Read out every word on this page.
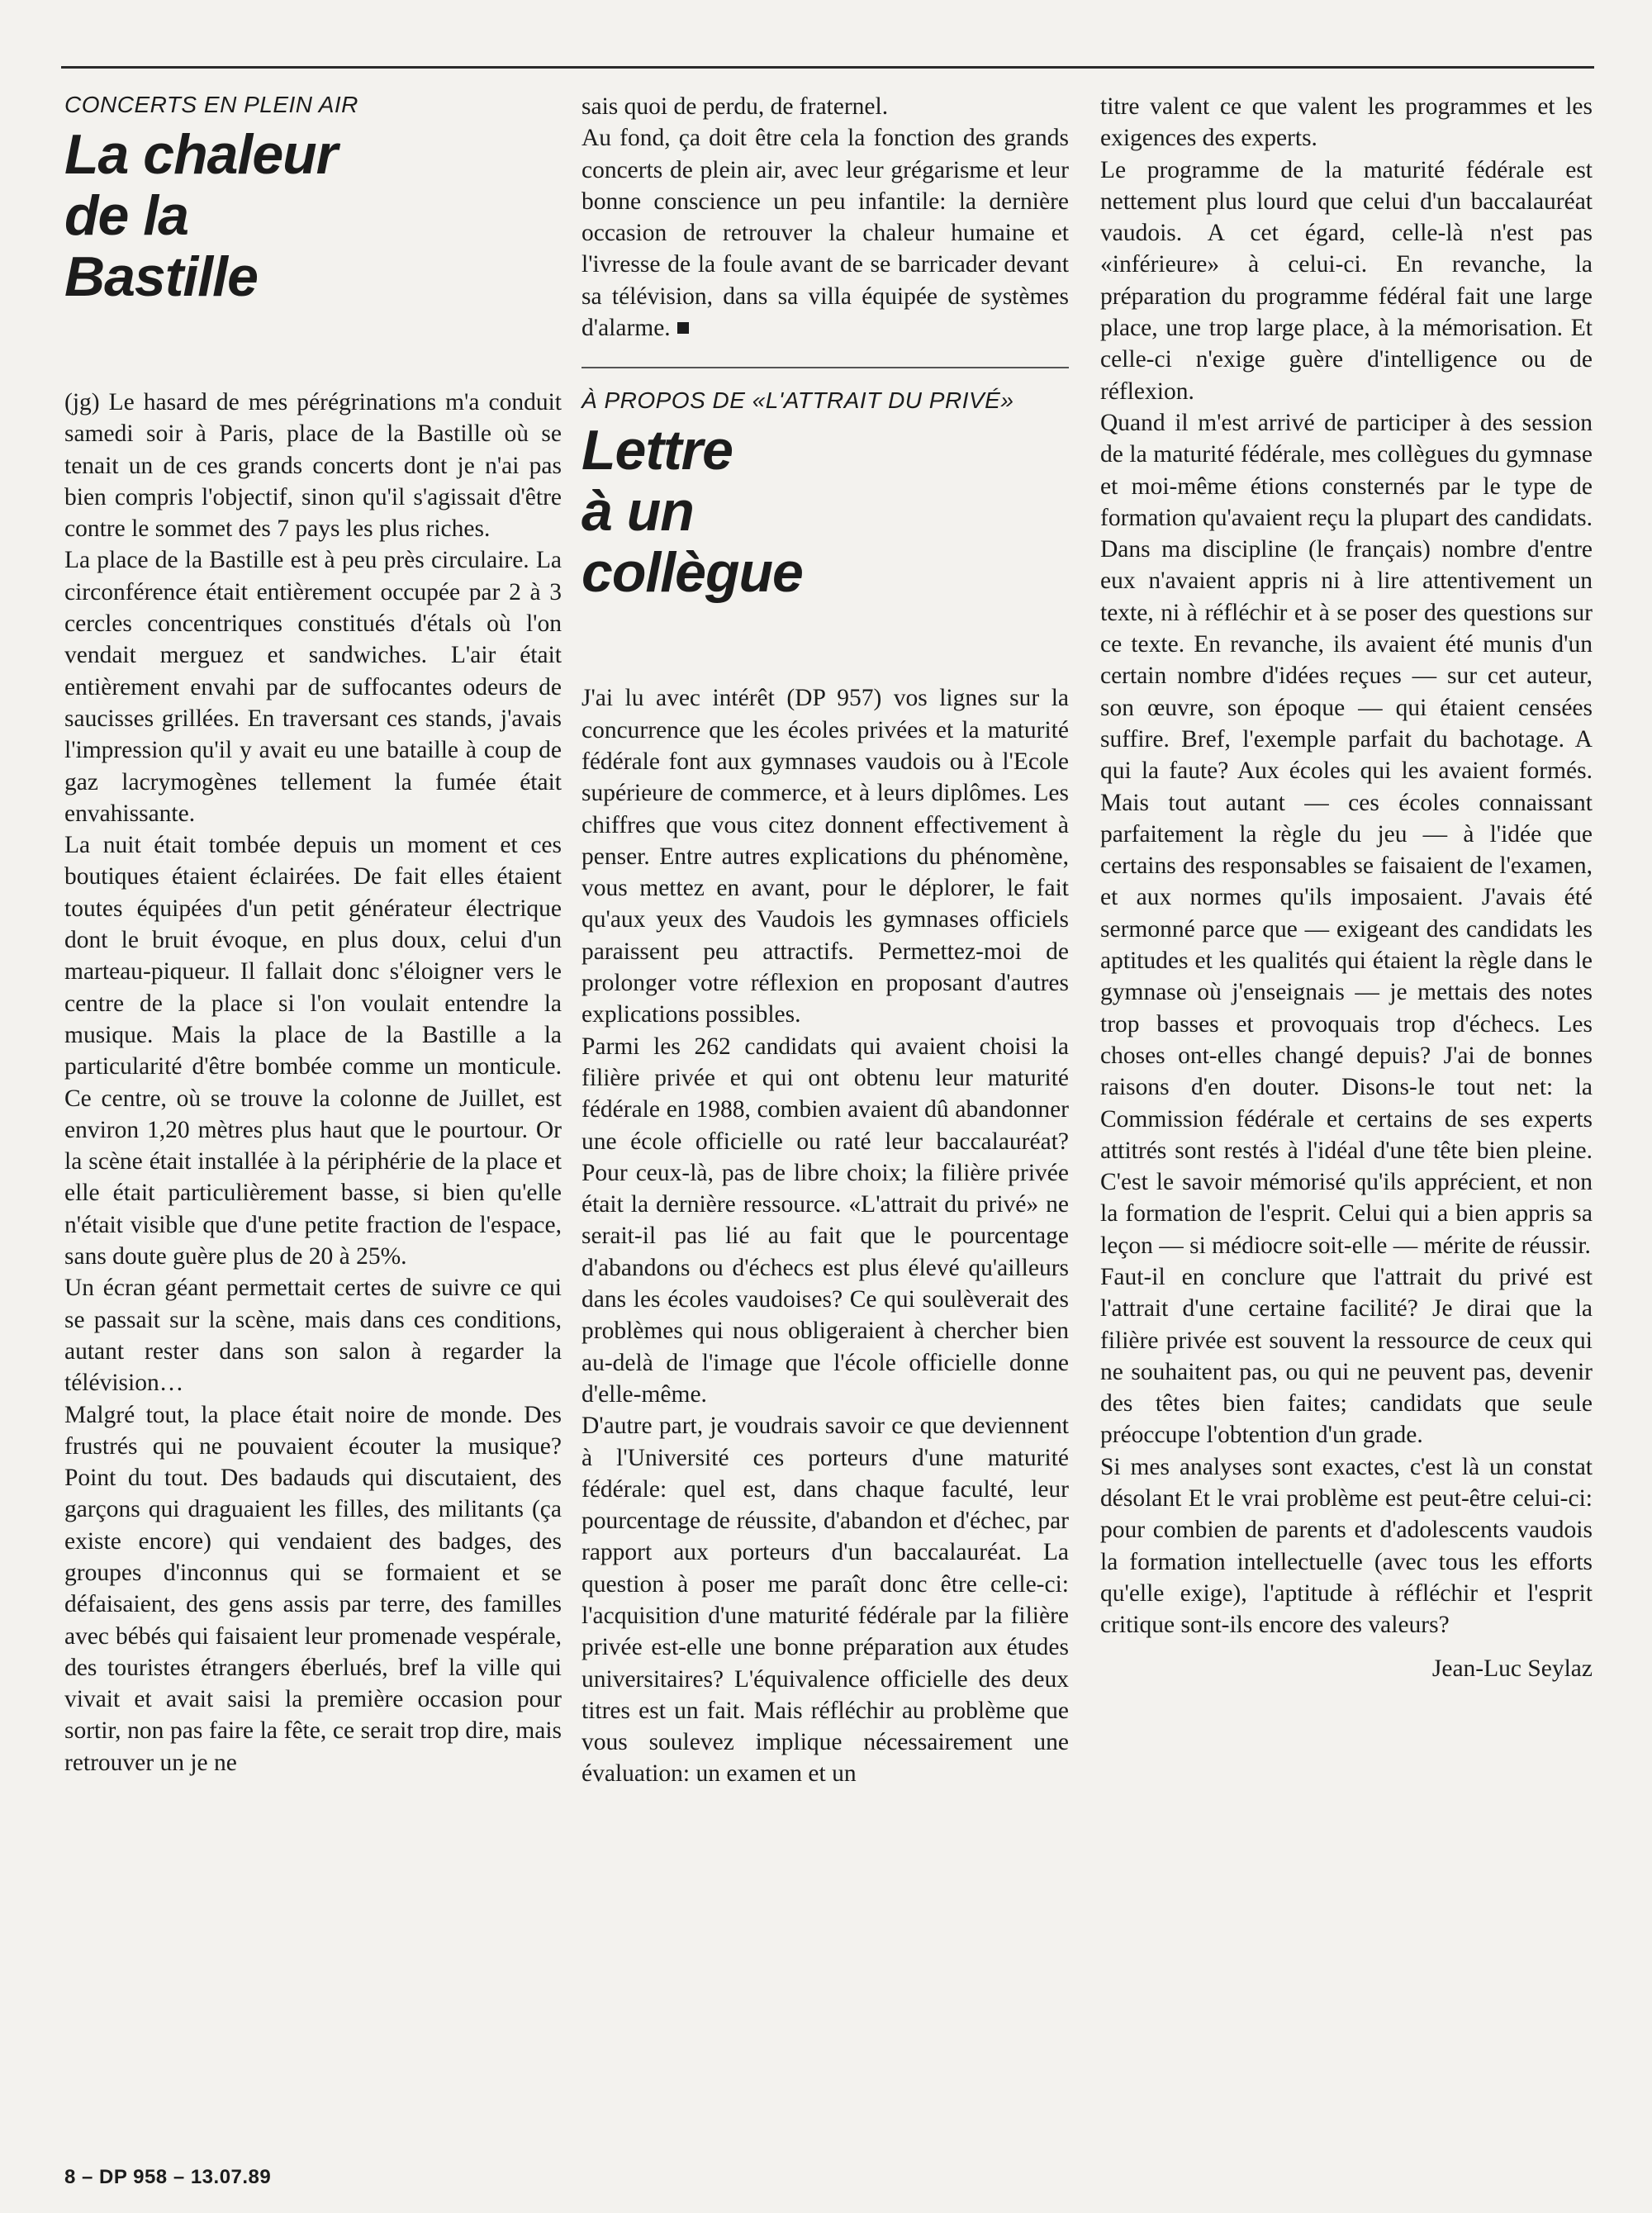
CONCERTS EN PLEIN AIR
La chaleur
de la
Bastille

(jg) Le hasard de mes pérégrinations m'a conduit samedi soir à Paris, place de la Bastille où se tenait un de ces grands concerts dont je n'ai pas bien compris l'objectif, sinon qu'il s'agissait d'être contre le sommet des 7 pays les plus riches.

La place de la Bastille est à peu près circulaire. La circonférence était entièrement occupée par 2 à 3 cercles concentriques constitués d'étals où l'on vendait merguez et sandwiches. L'air était entièrement envahi par de suffocantes odeurs de saucisses grillées. En traversant ces stands, j'avais l'impression qu'il y avait eu une bataille à coup de gaz lacrymogènes tellement la fumée était envahissante.

La nuit était tombée depuis un moment et ces boutiques étaient éclairées. De fait elles étaient toutes équipées d'un petit générateur électrique dont le bruit évoque, en plus doux, celui d'un marteau-piqueur. Il fallait donc s'éloigner vers le centre de la place si l'on voulait entendre la musique. Mais la place de la Bastille a la particularité d'être bombée comme un monticule. Ce centre, où se trouve la colonne de Juillet, est environ 1,20 mètres plus haut que le pourtour. Or la scène était installée à la périphérie de la place et elle était particulièrement basse, si bien qu'elle n'était visible que d'une petite fraction de l'espace, sans doute guère plus de 20 à 25%.

Un écran géant permettait certes de suivre ce qui se passait sur la scène, mais dans ces conditions, autant rester dans son salon à regarder la télévision…

Malgré tout, la place était noire de monde. Des frustrés qui ne pouvaient écouter la musique? Point du tout. Des badauds qui discutaient, des garçons qui draguaient les filles, des militants (ça existe encore) qui vendaient des badges, des groupes d'inconnus qui se formaient et se défaisaient, des gens assis par terre, des familles avec bébés qui faisaient leur promenade vespérale, des touristes étrangers éberlués, bref la ville qui vivait et avait saisi la première occasion pour sortir, non pas faire la fête, ce serait trop dire, mais retrouver un je ne

sais quoi de perdu, de fraternel.

Au fond, ça doit être cela la fonction des grands concerts de plein air, avec leur grégarisme et leur bonne conscience un peu infantile: la dernière occasion de retrouver la chaleur humaine et l'ivresse de la foule avant de se barricader devant sa télévision, dans sa villa équipée de systèmes d'alarme.

À PROPOS DE «L'ATTRAIT DU PRIVÉ»
Lettre
à un
collègue

J'ai lu avec intérêt (DP 957) vos lignes sur la concurrence que les écoles privées et la maturité fédérale font aux gymnases vaudois ou à l'Ecole supérieure de commerce, et à leurs diplômes. Les chiffres que vous citez donnent effectivement à penser. Entre autres explications du phénomène, vous mettez en avant, pour le déplorer, le fait qu'aux yeux des Vaudois les gymnases officiels paraissent peu attractifs. Permettez-moi de prolonger votre réflexion en proposant d'autres explications possibles.

Parmi les 262 candidats qui avaient choisi la filière privée et qui ont obtenu leur maturité fédérale en 1988, combien avaient dû abandonner une école officielle ou raté leur baccalauréat? Pour ceux-là, pas de libre choix; la filière privée était la dernière ressource. «L'attrait du privé» ne serait-il pas lié au fait que le pourcentage d'abandons ou d'échecs est plus élevé qu'ailleurs dans les écoles vaudoises? Ce qui soulèverait des problèmes qui nous obligeraient à chercher bien au-delà de l'image que l'école officielle donne d'elle-même.

D'autre part, je voudrais savoir ce que deviennent à l'Université ces porteurs d'une maturité fédérale: quel est, dans chaque faculté, leur pourcentage de réussite, d'abandon et d'échec, par rapport aux porteurs d'un baccalauréat. La question à poser me paraît donc être celle-ci: l'acquisition d'une maturité fédérale par la filière privée est-elle une bonne préparation aux études universitaires? L'équivalence officielle des deux titres est un fait. Mais réfléchir au problème que vous soulevez implique nécessairement une évaluation: un examen et un

titre valent ce que valent les programmes et les exigences des experts.

Le programme de la maturité fédérale est nettement plus lourd que celui d'un baccalauréat vaudois. A cet égard, celle-là n'est pas «inférieure» à celui-ci. En revanche, la préparation du programme fédéral fait une large place, une trop large place, à la mémorisation. Et celle-ci n'exige guère d'intelligence ou de réflexion.

Quand il m'est arrivé de participer à des session de la maturité fédérale, mes collègues du gymnase et moi-même étions consternés par le type de formation qu'avaient reçu la plupart des candidats. Dans ma discipline (le français) nombre d'entre eux n'avaient appris ni à lire attentivement un texte, ni à réfléchir et à se poser des questions sur ce texte. En revanche, ils avaient été munis d'un certain nombre d'idées reçues — sur cet auteur, son œuvre, son époque — qui étaient censées suffire. Bref, l'exemple parfait du bachotage. A qui la faute? Aux écoles qui les avaient formés. Mais tout autant — ces écoles connaissant parfaitement la règle du jeu — à l'idée que certains des responsables se faisaient de l'examen, et aux normes qu'ils imposaient. J'avais été sermonné parce que — exigeant des candidats les aptitudes et les qualités qui étaient la règle dans le gymnase où j'enseignais — je mettais des notes trop basses et provoquais trop d'échecs. Les choses ont-elles changé depuis? J'ai de bonnes raisons d'en douter. Disons-le tout net: la Commission fédérale et certains de ses experts attitrés sont restés à l'idéal d'une tête bien pleine. C'est le savoir mémorisé qu'ils apprécient, et non la formation de l'esprit. Celui qui a bien appris sa leçon — si médiocre soit-elle — mérite de réussir.

Faut-il en conclure que l'attrait du privé est l'attrait d'une certaine facilité? Je dirai que la filière privée est souvent la ressource de ceux qui ne souhaitent pas, ou qui ne peuvent pas, devenir des têtes bien faites; candidats que seule préoccupe l'obtention d'un grade.

Si mes analyses sont exactes, c'est là un constat désolant Et le vrai problème est peut-être celui-ci: pour combien de parents et d'adolescents vaudois la formation intellectuelle (avec tous les efforts qu'elle exige), l'aptitude à réfléchir et l'esprit critique sont-ils encore des valeurs?

Jean-Luc Seylaz
8 – DP 958 – 13.07.89
